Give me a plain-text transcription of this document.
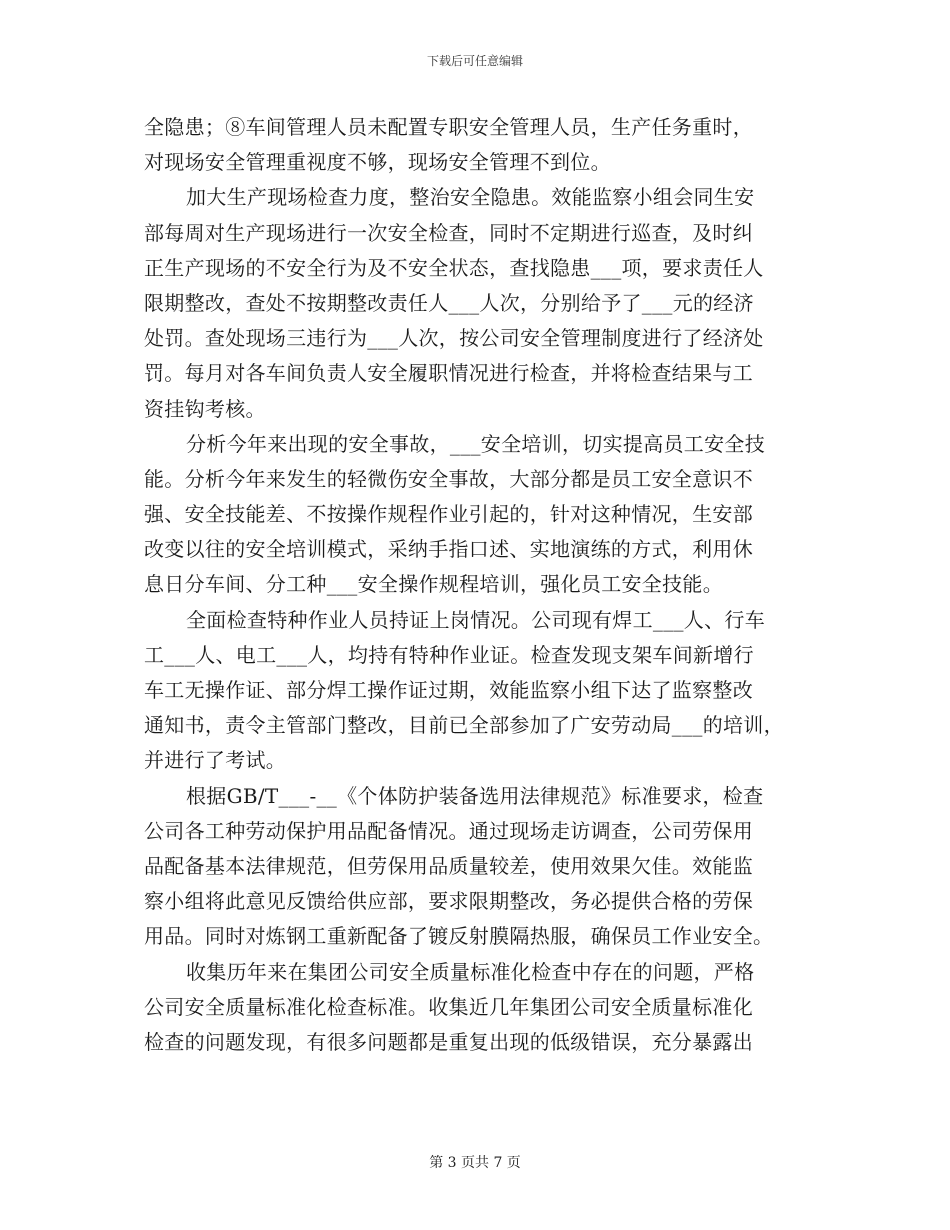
下载后可任意编辑
全隐患；⑧车间管理人员未配置专职安全管理人员，生产任务重时，
对现场安全管理重视度不够，现场安全管理不到位。
加大生产现场检查力度，整治安全隐患。效能监察小组会同生安
部每周对生产现场进行一次安全检查，同时不定期进行巡查，及时纠
正生产现场的不安全行为及不安全状态，查找隐患___项，要求责任人
限期整改，查处不按期整改责任人___人次，分别给予了___元的经济
处罚。查处现场三违行为___人次，按公司安全管理制度进行了经济处
罚。每月对各车间负责人安全履职情况进行检查，并将检查结果与工
资挂钩考核。
分析今年来出现的安全事故，___安全培训，切实提高员工安全技
能。分析今年来发生的轻微伤安全事故，大部分都是员工安全意识不
强、安全技能差、不按操作规程作业引起的，针对这种情况，生安部
改变以往的安全培训模式，采纳手指口述、实地演练的方式，利用休
息日分车间、分工种___安全操作规程培训，强化员工安全技能。
全面检查特种作业人员持证上岗情况。公司现有焊工___人、行车
工___人、电工___人，均持有特种作业证。检查发现支架车间新增行
车工无操作证、部分焊工操作证过期，效能监察小组下达了监察整改
通知书，责令主管部门整改，目前已全部参加了广安劳动局___的培训，
并进行了考试。
根据GB/T___-__《个体防护装备选用法律规范》标准要求，检查
公司各工种劳动保护用品配备情况。通过现场走访调查，公司劳保用
品配备基本法律规范，但劳保用品质量较差，使用效果欠佳。效能监
察小组将此意见反馈给供应部，要求限期整改，务必提供合格的劳保
用品。同时对炼钢工重新配备了镀反射膜隔热服，确保员工作业安全。
收集历年来在集团公司安全质量标准化检查中存在的问题，严格
公司安全质量标准化检查标准。收集近几年集团公司安全质量标准化
检查的问题发现，有很多问题都是重复出现的低级错误，充分暴露出
第 3 页共 7 页
